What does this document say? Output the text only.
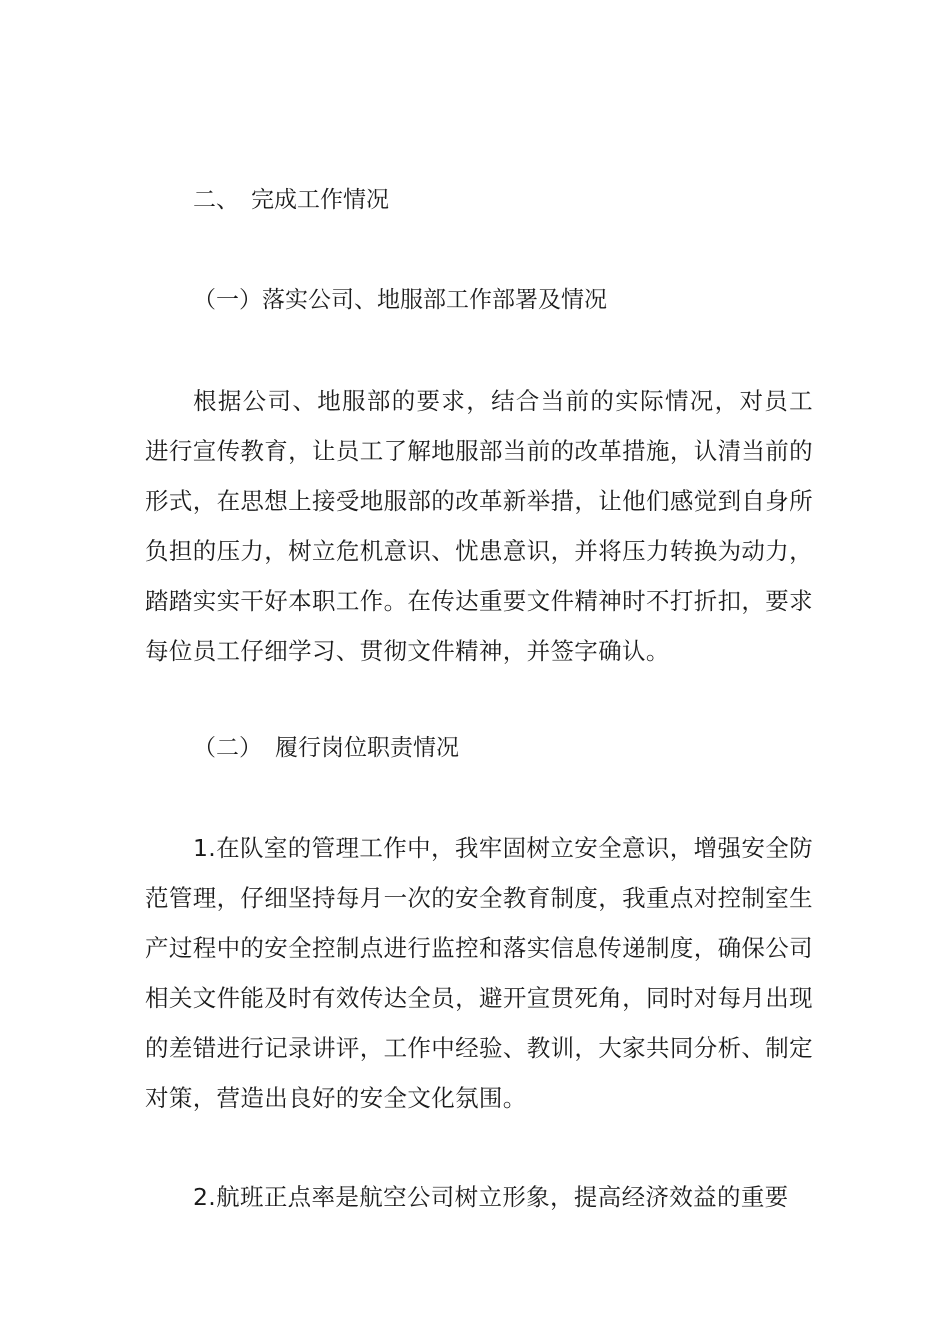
二、 完成工作情况
（一）落实公司、地服部工作部署及情况

根据公司、地服部的要求，结合当前的实际情况，对员工进行宣传教育，让员工了解地服部当前的改革措施，认清当前的形式，在思想上接受地服部的改革新举措，让他们感觉到自身所负担的压力，树立危机意识、忧患意识，并将压力转换为动力，踏踏实实干好本职工作。在传达重要文件精神时不打折扣，要求每位员工仔细学习、贯彻文件精神，并签字确认。

（二） 履行岗位职责情况

1.在队室的管理工作中，我牢固树立安全意识，增强安全防范管理，仔细坚持每月一次的安全教育制度，我重点对控制室生产过程中的安全控制点进行监控和落实信息传递制度，确保公司相关文件能及时有效传达全员，避开宣贯死角，同时对每月出现的差错进行记录讲评，工作中经验、教训，大家共同分析、制定对策，营造出良好的安全文化氛围。

2.航班正点率是航空公司树立形象，提高经济效益的重要
